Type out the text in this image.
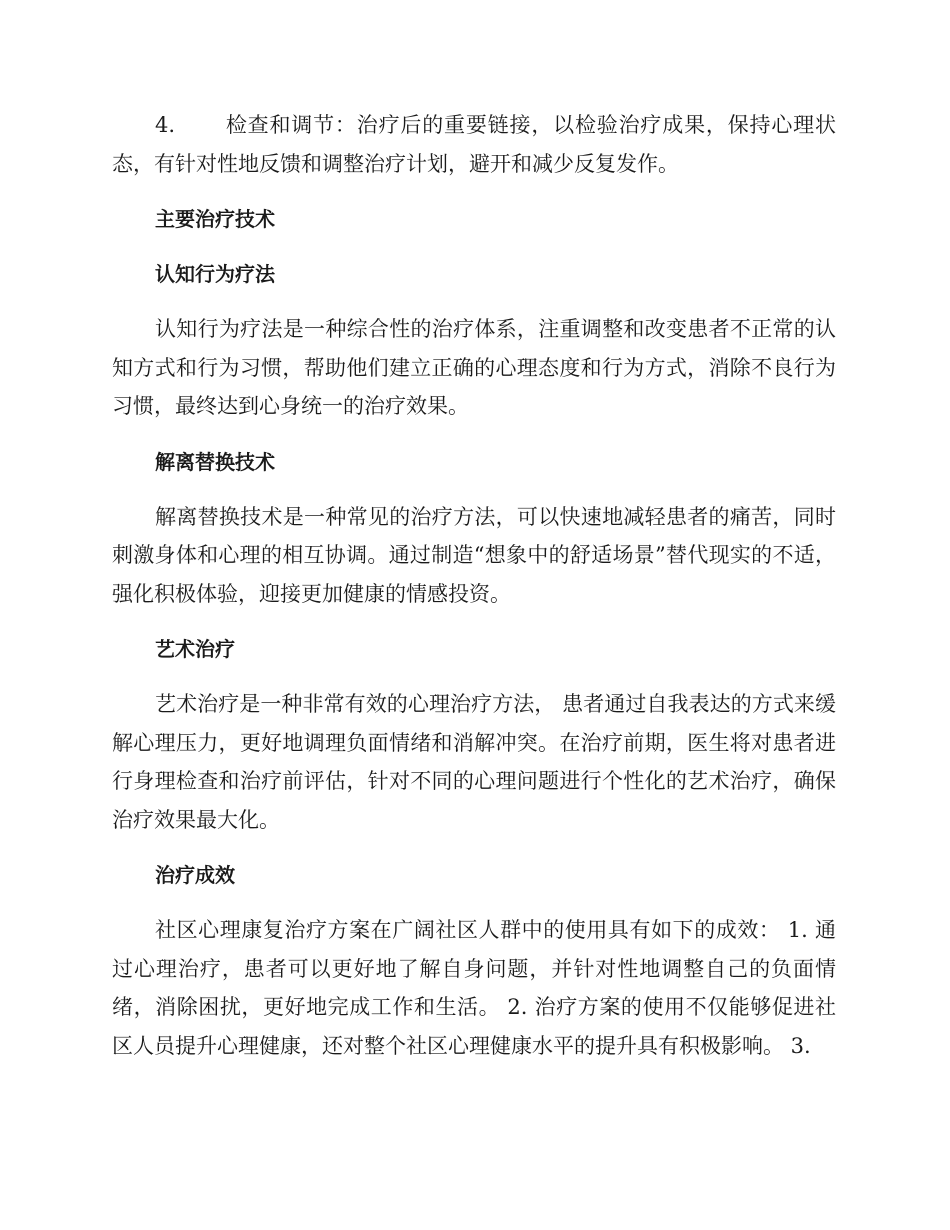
4. 检查和调节：治疗后的重要链接，以检验治疗成果，保持心理状态，有针对性地反馈和调整治疗计划，避开和减少反复发作。

主要治疗技术
认知行为疗法

认知行为疗法是一种综合性的治疗体系，注重调整和改变患者不正常的认知方式和行为习惯，帮助他们建立正确的心理态度和行为方式，消除不良行为习惯，最终达到心身统一的治疗效果。

解离替换技术

解离替换技术是一种常见的治疗方法，可以快速地减轻患者的痛苦，同时刺激身体和心理的相互协调。通过制造“想象中的舒适场景”替代现实的不适，强化积极体验，迎接更加健康的情感投资。

艺术治疗

艺术治疗是一种非常有效的心理治疗方法， 患者通过自我表达的方式来缓解心理压力，更好地调理负面情绪和消解冲突。在治疗前期，医生将对患者进行身理检查和治疗前评估，针对不同的心理问题进行个性化的艺术治疗，确保治疗效果最大化。

治疗成效

社区心理康复治疗方案在广阔社区人群中的使用具有如下的成效： 1. 通过心理治疗，患者可以更好地了解自身问题，并针对性地调整自己的负面情绪，消除困扰，更好地完成工作和生活。 2. 治疗方案的使用不仅能够促进社区人员提升心理健康，还对整个社区心理健康水平的提升具有积极影响。 3.
